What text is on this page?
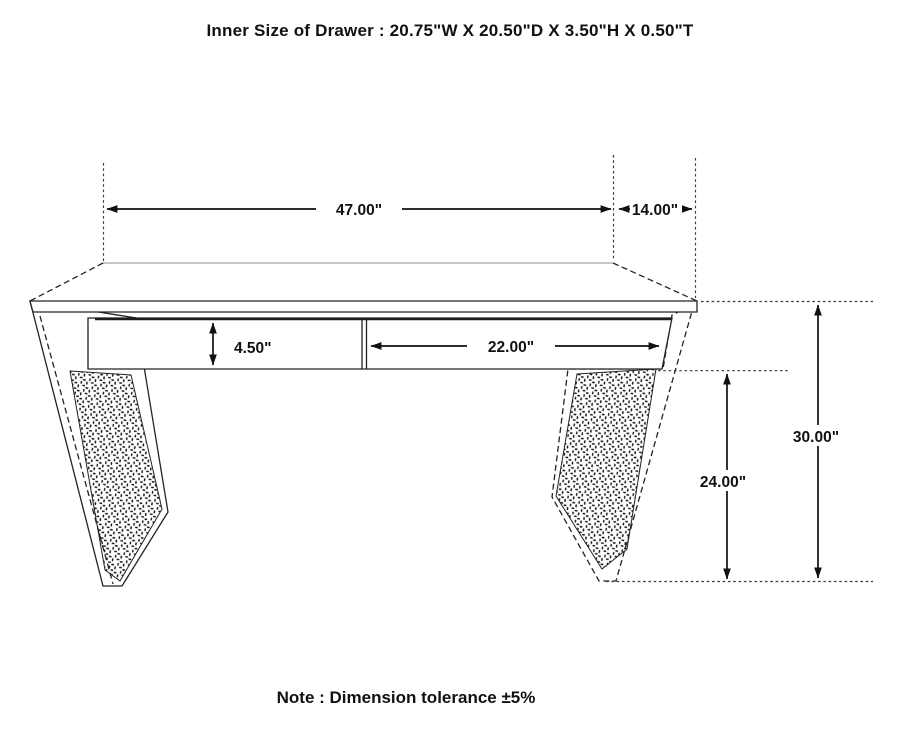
Inner Size of Drawer : 20.75"W X 20.50"D X 3.50"H X 0.50"T
47.00"	14.00"
4.50"	22.00"
24.00"
30.00"
Note : Dimension tolerance ±5%
